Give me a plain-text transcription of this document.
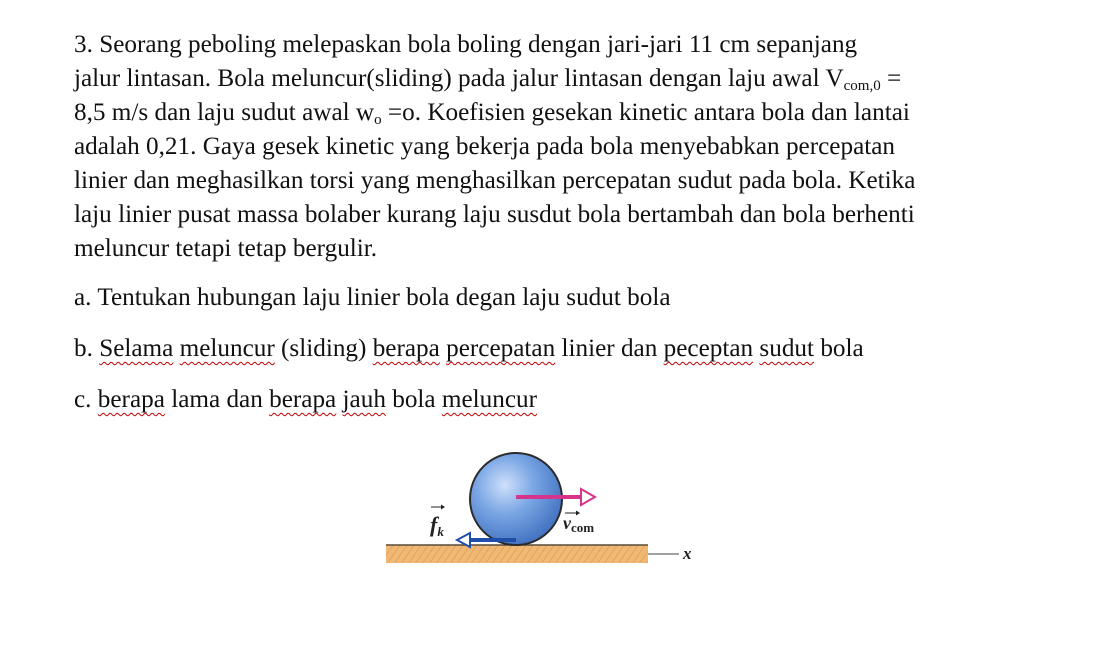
3. Seorang peboling melepaskan bola boling dengan jari-jari 11 cm sepanjang
jalur lintasan. Bola meluncur(sliding) pada jalur lintasan dengan laju awal $V_{com,0}$ =
8,5 m/s dan laju sudut awal $w_o =o$. Koefisien gesekan kinetic antara bola dan lantai
adalah 0,21. Gaya gesek kinetic yang bekerja pada bola menyebabkan percepatan
linier dan meghasilkan torsi yang menghasilkan percepatan sudut pada bola. Ketika
laju linier pusat massa bolaber kurang laju susdut bola bertambah dan bola berhenti
meluncur tetapi tetap bergulir.

a. Tentukan hubungan laju linier bola degan laju sudut bola

b. Selama meluncur (sliding) berapa percepatan linier dan peceptan sudut bola

c. berapa lama dan berapa jauh bola meluncur

x
fk	vcom
